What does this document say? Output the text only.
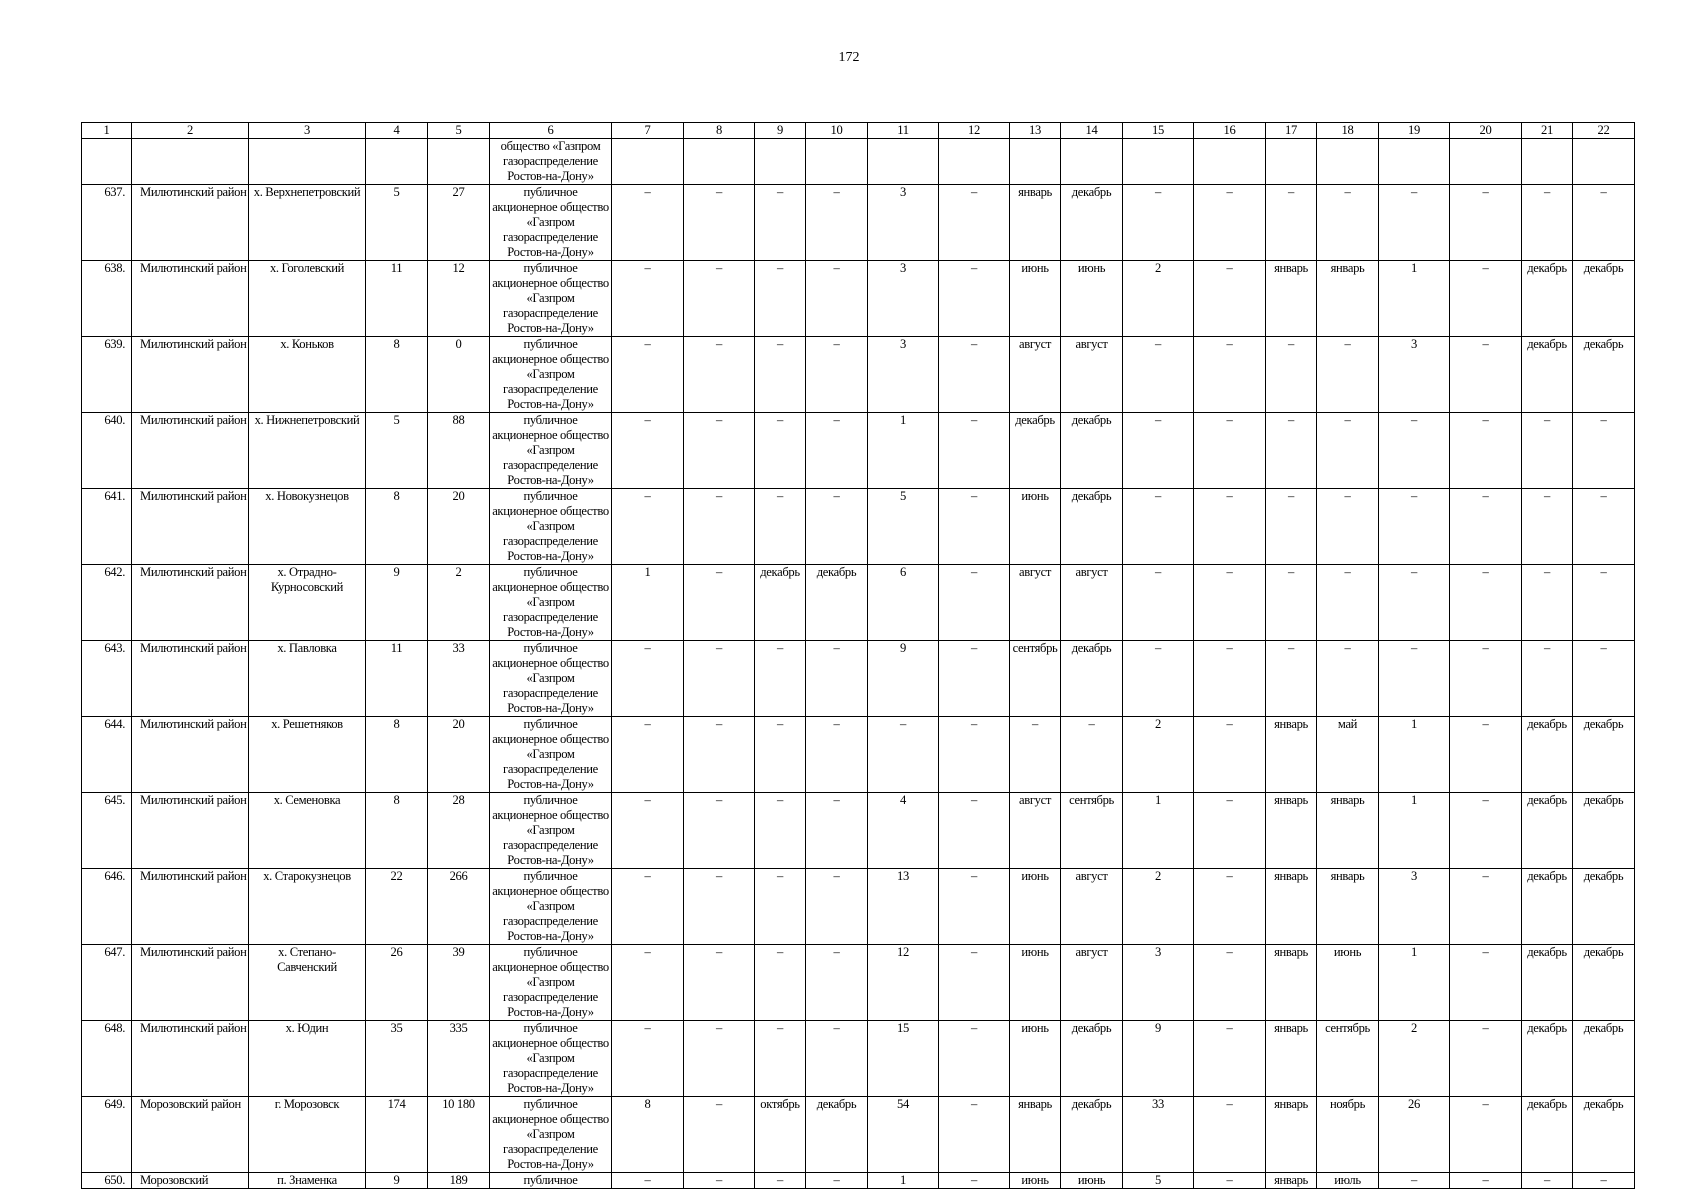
172
1	2	3	4	5	6	7	8	9	10	11	12	13	14	15	16	17	18	19	20	21	22
					общество «Газпром газораспределение Ростов-на-Дону»																
637.	Милютинский район	х. Верхнепетровский	5	27	публичное акционерное общество «Газпром газораспределение Ростов-на-Дону»	–	–	–	–	3	–	январь	декабрь	–	–	–	–	–	–	–	–
638.	Милютинский район	х. Гоголевский	11	12	публичное акционерное общество «Газпром газораспределение Ростов-на-Дону»	–	–	–	–	3	–	июнь	июнь	2	–	январь	январь	1	–	декабрь	декабрь
639.	Милютинский район	х. Коньков	8	0	публичное акционерное общество «Газпром газораспределение Ростов-на-Дону»	–	–	–	–	3	–	август	август	–	–	–	–	3	–	декабрь	декабрь
640.	Милютинский район	х. Нижнепетровский	5	88	публичное акционерное общество «Газпром газораспределение Ростов-на-Дону»	–	–	–	–	1	–	декабрь	декабрь	–	–	–	–	–	–	–	–
641.	Милютинский район	х. Новокузнецов	8	20	публичное акционерное общество «Газпром газораспределение Ростов-на-Дону»	–	–	–	–	5	–	июнь	декабрь	–	–	–	–	–	–	–	–
642.	Милютинский район	х. Отрадно-Курносовский	9	2	публичное акционерное общество «Газпром газораспределение Ростов-на-Дону»	1	–	декабрь	декабрь	6	–	август	август	–	–	–	–	–	–	–	–
643.	Милютинский район	х. Павловка	11	33	публичное акционерное общество «Газпром газораспределение Ростов-на-Дону»	–	–	–	–	9	–	сентябрь	декабрь	–	–	–	–	–	–	–	–
644.	Милютинский район	х. Решетняков	8	20	публичное акционерное общество «Газпром газораспределение Ростов-на-Дону»	–	–	–	–	–	–	–	–	2	–	январь	май	1	–	декабрь	декабрь
645.	Милютинский район	х. Семеновка	8	28	публичное акционерное общество «Газпром газораспределение Ростов-на-Дону»	–	–	–	–	4	–	август	сентябрь	1	–	январь	январь	1	–	декабрь	декабрь
646.	Милютинский район	х. Старокузнецов	22	266	публичное акционерное общество «Газпром газораспределение Ростов-на-Дону»	–	–	–	–	13	–	июнь	август	2	–	январь	январь	3	–	декабрь	декабрь
647.	Милютинский район	х. Степано-Савченский	26	39	публичное акционерное общество «Газпром газораспределение Ростов-на-Дону»	–	–	–	–	12	–	июнь	август	3	–	январь	июнь	1	–	декабрь	декабрь
648.	Милютинский район	х. Юдин	35	335	публичное акционерное общество «Газпром газораспределение Ростов-на-Дону»	–	–	–	–	15	–	июнь	декабрь	9	–	январь	сентябрь	2	–	декабрь	декабрь
649.	Морозовский район	г. Морозовск	174	10 180	публичное акционерное общество «Газпром газораспределение Ростов-на-Дону»	8	–	октябрь	декабрь	54	–	январь	декабрь	33	–	январь	ноябрь	26	–	декабрь	декабрь
650.	Морозовский	п. Знаменка	9	189	публичное	–	–	–	–	1	–	июнь	июнь	5	–	январь	июль	–	–	–	–
